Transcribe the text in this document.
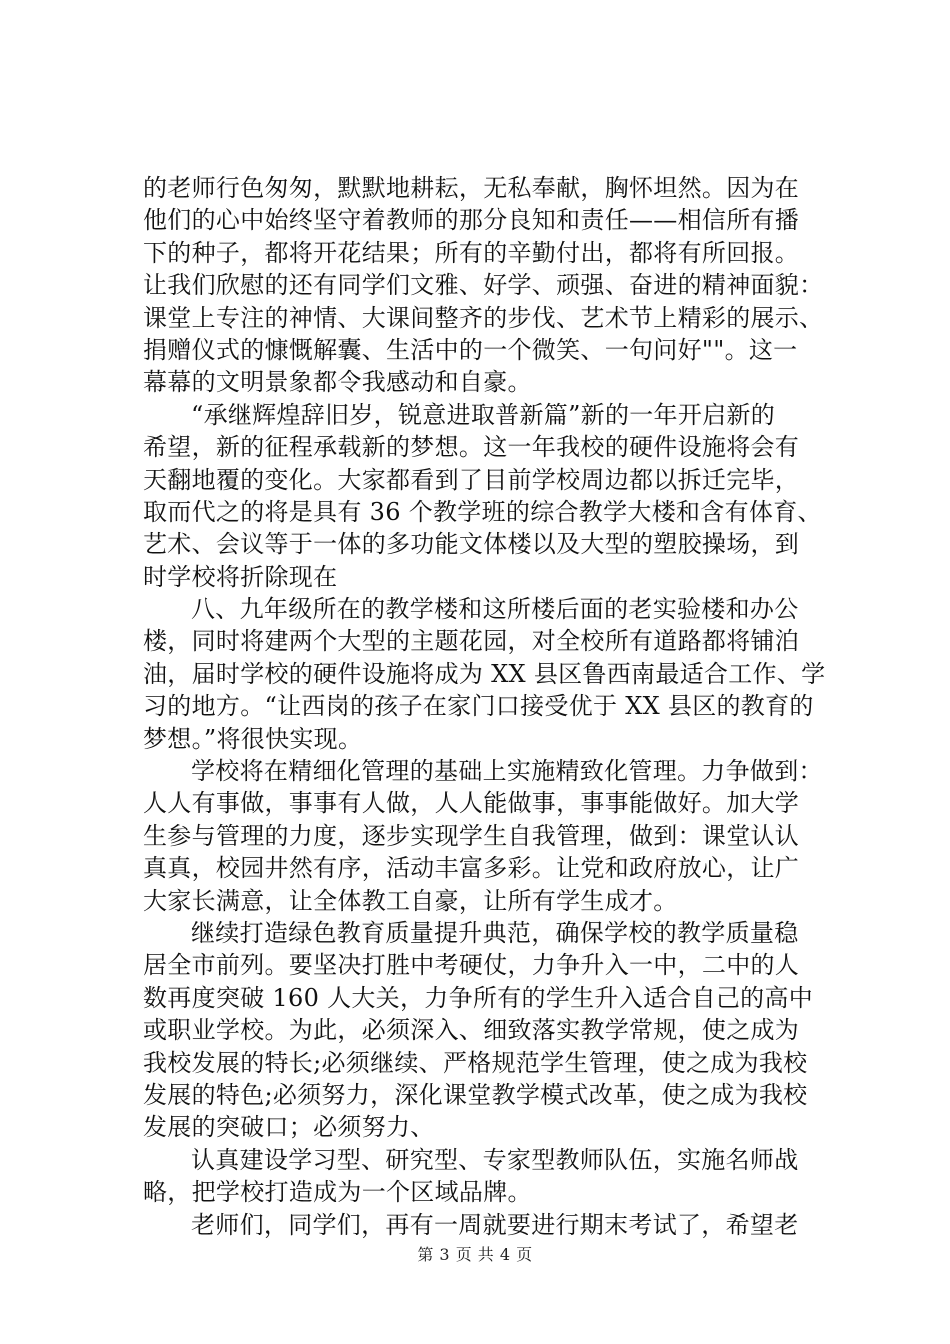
的老师行色匆匆，默默地耕耘，无私奉献，胸怀坦然。因为在
他们的心中始终坚守着教师的那分良知和责任——相信所有播
下的种子，都将开花结果；所有的辛勤付出，都将有所回报。
让我们欣慰的还有同学们文雅、好学、顽强、奋进的精神面貌：
课堂上专注的神情、大课间整齐的步伐、艺术节上精彩的展示、
捐赠仪式的慷慨解囊、生活中的一个微笑、一句问好""。这一
幕幕的文明景象都令我感动和自豪。
“承继辉煌辞旧岁，锐意进取普新篇”新的一年开启新的
希望，新的征程承载新的梦想。这一年我校的硬件设施将会有
天翻地覆的变化。大家都看到了目前学校周边都以拆迁完毕，
取而代之的将是具有 36 个教学班的综合教学大楼和含有体育、
艺术、会议等于一体的多功能文体楼以及大型的塑胶操场，到
时学校将折除现在
八、九年级所在的教学楼和这所楼后面的老实验楼和办公
楼，同时将建两个大型的主题花园，对全校所有道路都将铺泊
油，届时学校的硬件设施将成为 XX 县区鲁西南最适合工作、学
习的地方。“让西岗的孩子在家门口接受优于 XX 县区的教育的
梦想。”将很快实现。
学校将在精细化管理的基础上实施精致化管理。力争做到：
人人有事做，事事有人做，人人能做事，事事能做好。加大学
生参与管理的力度，逐步实现学生自我管理，做到：课堂认认
真真，校园井然有序，活动丰富多彩。让党和政府放心，让广
大家长满意，让全体教工自豪，让所有学生成才。
继续打造绿色教育质量提升典范，确保学校的教学质量稳
居全市前列。要坚决打胜中考硬仗，力争升入一中，二中的人
数再度突破 160 人大关，力争所有的学生升入适合自己的高中
或职业学校。为此，必须深入、细致落实教学常规，使之成为
我校发展的特长;必须继续、严格规范学生管理，使之成为我校
发展的特色;必须努力，深化课堂教学模式改革，使之成为我校
发展的突破口；必须努力、
认真建设学习型、研究型、专家型教师队伍，实施名师战
略，把学校打造成为一个区域品牌。
老师们，同学们，再有一周就要进行期末考试了，希望老
第 3 页 共 4 页
